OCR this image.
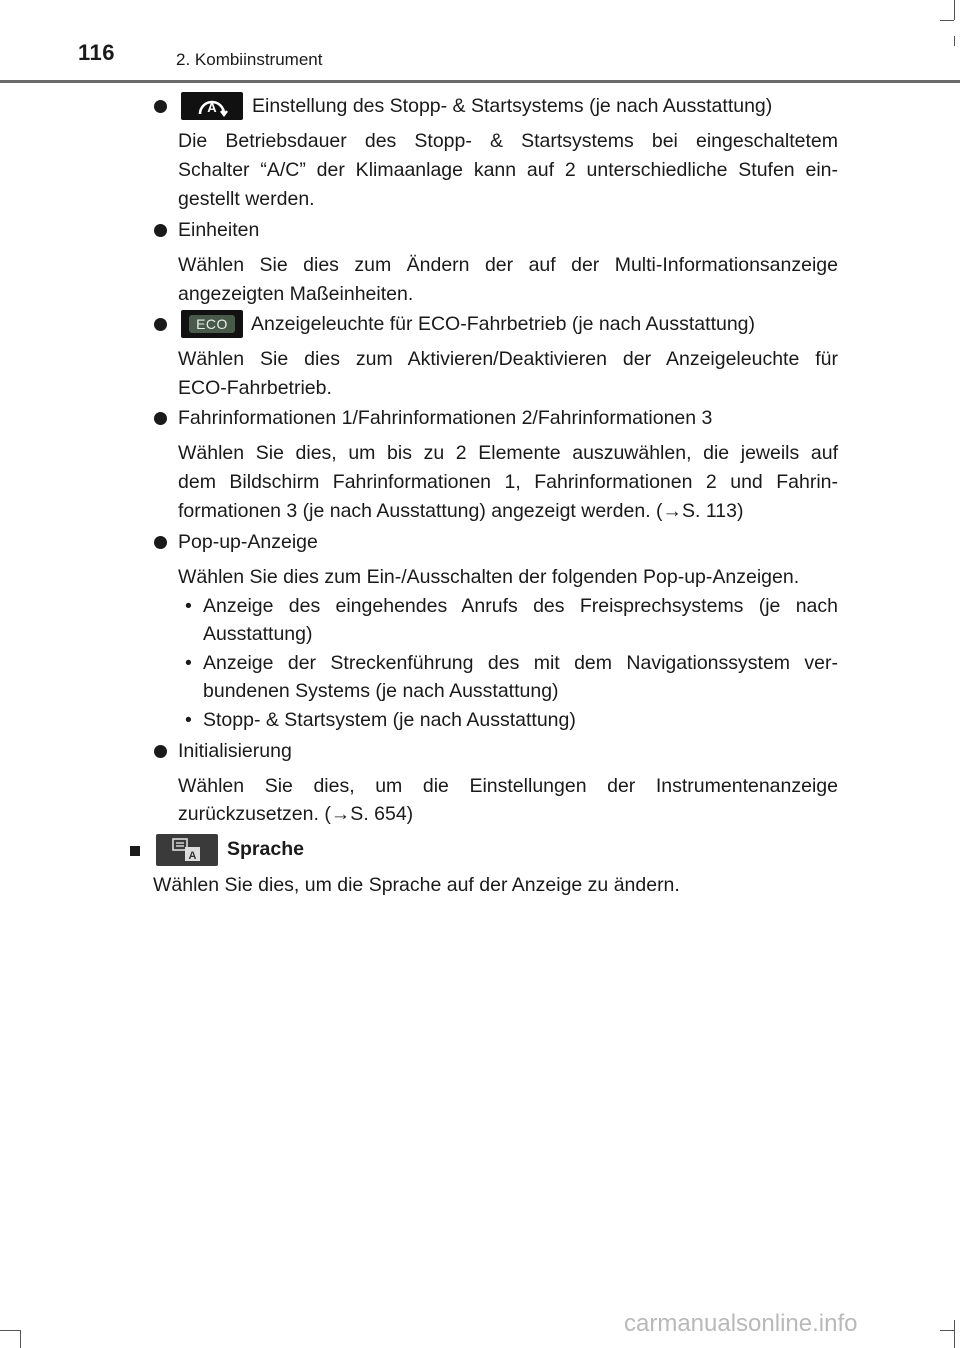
116	2. Kombiinstrument
A Einstellung des Stopp- & Startsystems (je nach Ausstattung)
Die Betriebsdauer des Stopp- & Startsystems bei eingeschaltetem
Schalter “A/C” der Klimaanlage kann auf 2 unterschiedliche Stufen ein-
gestellt werden.
Einheiten
Wählen Sie dies zum Ändern der auf der Multi-Informationsanzeige
angezeigten Maßeinheiten.
ECO	Anzeigeleuchte für ECO-Fahrbetrieb (je nach Ausstattung)
Wählen Sie dies zum Aktivieren/Deaktivieren der Anzeigeleuchte für
ECO-Fahrbetrieb.
Fahrinformationen 1/Fahrinformationen 2/Fahrinformationen 3
Wählen Sie dies, um bis zu 2 Elemente auszuwählen, die jeweils auf
dem Bildschirm Fahrinformationen 1, Fahrinformationen 2 und Fahrin-
formationen 3 (je nach Ausstattung) angezeigt werden. (→S. 113)
Pop-up-Anzeige
Wählen Sie dies zum Ein-/Ausschalten der folgenden Pop-up-Anzeigen.
• Anzeige des eingehendes Anrufs des Freisprechsystems (je nach
Ausstattung)
• Anzeige der Streckenführung des mit dem Navigationssystem ver-
bundenen Systems (je nach Ausstattung)
• Stopp- & Startsystem (je nach Ausstattung)
Initialisierung
Wählen Sie dies, um die Einstellungen der Instrumentenanzeige
zurückzusetzen. (→S. 654)
A Sprache
Wählen Sie dies, um die Sprache auf der Anzeige zu ändern.
carmanualsonline.info
